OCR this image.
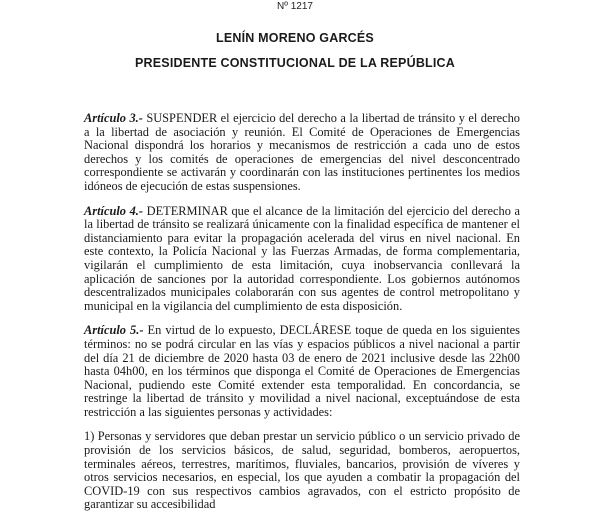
Nº 1217
LENÍN MORENO GARCÉS
PRESIDENTE CONSTITUCIONAL DE LA REPÚBLICA

Artículo 3.- SUSPENDER el ejercicio del derecho a la libertad de tránsito y el derecho a la libertad de asociación y reunión. El Comité de Operaciones de Emergencias Nacional dispondrá los horarios y mecanismos de restricción a cada uno de estos derechos y los comités de operaciones de emergencias del nivel desconcentrado correspondiente se activarán y coordinarán con las instituciones pertinentes los medios idóneos de ejecución de estas suspensiones.

Artículo 4.- DETERMINAR que el alcance de la limitación del ejercicio del derecho a la libertad de tránsito se realizará únicamente con la finalidad específica de mantener el distanciamiento para evitar la propagación acelerada del virus en nivel nacional. En este contexto, la Policía Nacional y las Fuerzas Armadas, de forma complementaria, vigilarán el cumplimiento de esta limitación, cuya inobservancia conllevará la aplicación de sanciones por la autoridad correspondiente. Los gobiernos autónomos descentralizados municipales colaborarán con sus agentes de control metropolitano y municipal en la vigilancia del cumplimiento de esta disposición.

Artículo 5.- En virtud de lo expuesto, DECLÁRESE toque de queda en los siguientes términos: no se podrá circular en las vías y espacios públicos a nivel nacional a partir del día 21 de diciembre de 2020 hasta 03 de enero de 2021 inclusive desde las 22h00 hasta 04h00, en los términos que disponga el Comité de Operaciones de Emergencias Nacional, pudiendo este Comité extender esta temporalidad. En concordancia, se restringe la libertad de tránsito y movilidad a nivel nacional, exceptuándose de esta restricción a las siguientes personas y actividades:

1) Personas y servidores que deban prestar un servicio público o un servicio privado de provisión de los servicios básicos, de salud, seguridad, bomberos, aeropuertos, terminales aéreos, terrestres, marítimos, fluviales, bancarios, provisión de víveres y otros servicios necesarios, en especial, los que ayuden a combatir la propagación del COVID-19 con sus respectivos cambios agravados, con el estricto propósito de garantizar su accesibilidad
